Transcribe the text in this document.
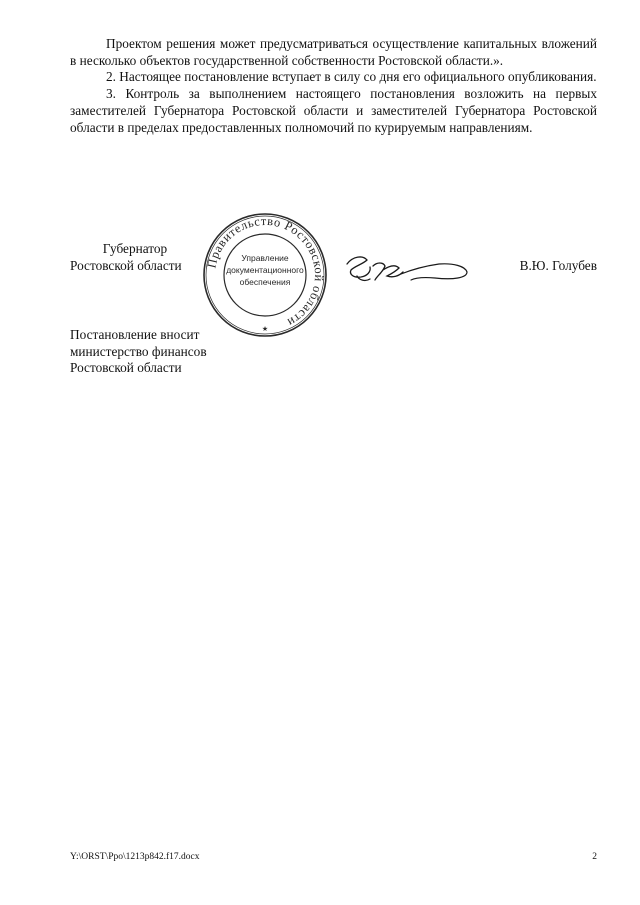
Проектом решения может предусматриваться осуществление капитальных вложений в несколько объектов государственной собственности Ростовской области.».

2. Настоящее постановление вступает в силу со дня его официального опубликования.

3. Контроль за выполнением настоящего постановления возложить на первых заместителей Губернатора Ростовской области и заместителей Губернатора Ростовской области в пределах предоставленных полномочий по курируемым направлениям.

Губернатор
Ростовской области	Правительство Ростовской области
Управление
документационного
обеспечения
★
В.Ю. Голубев
Постановление вносит
министерство финансов
Ростовской области
Y:\ORST\Ppo\1213p842.f17.docx	2
